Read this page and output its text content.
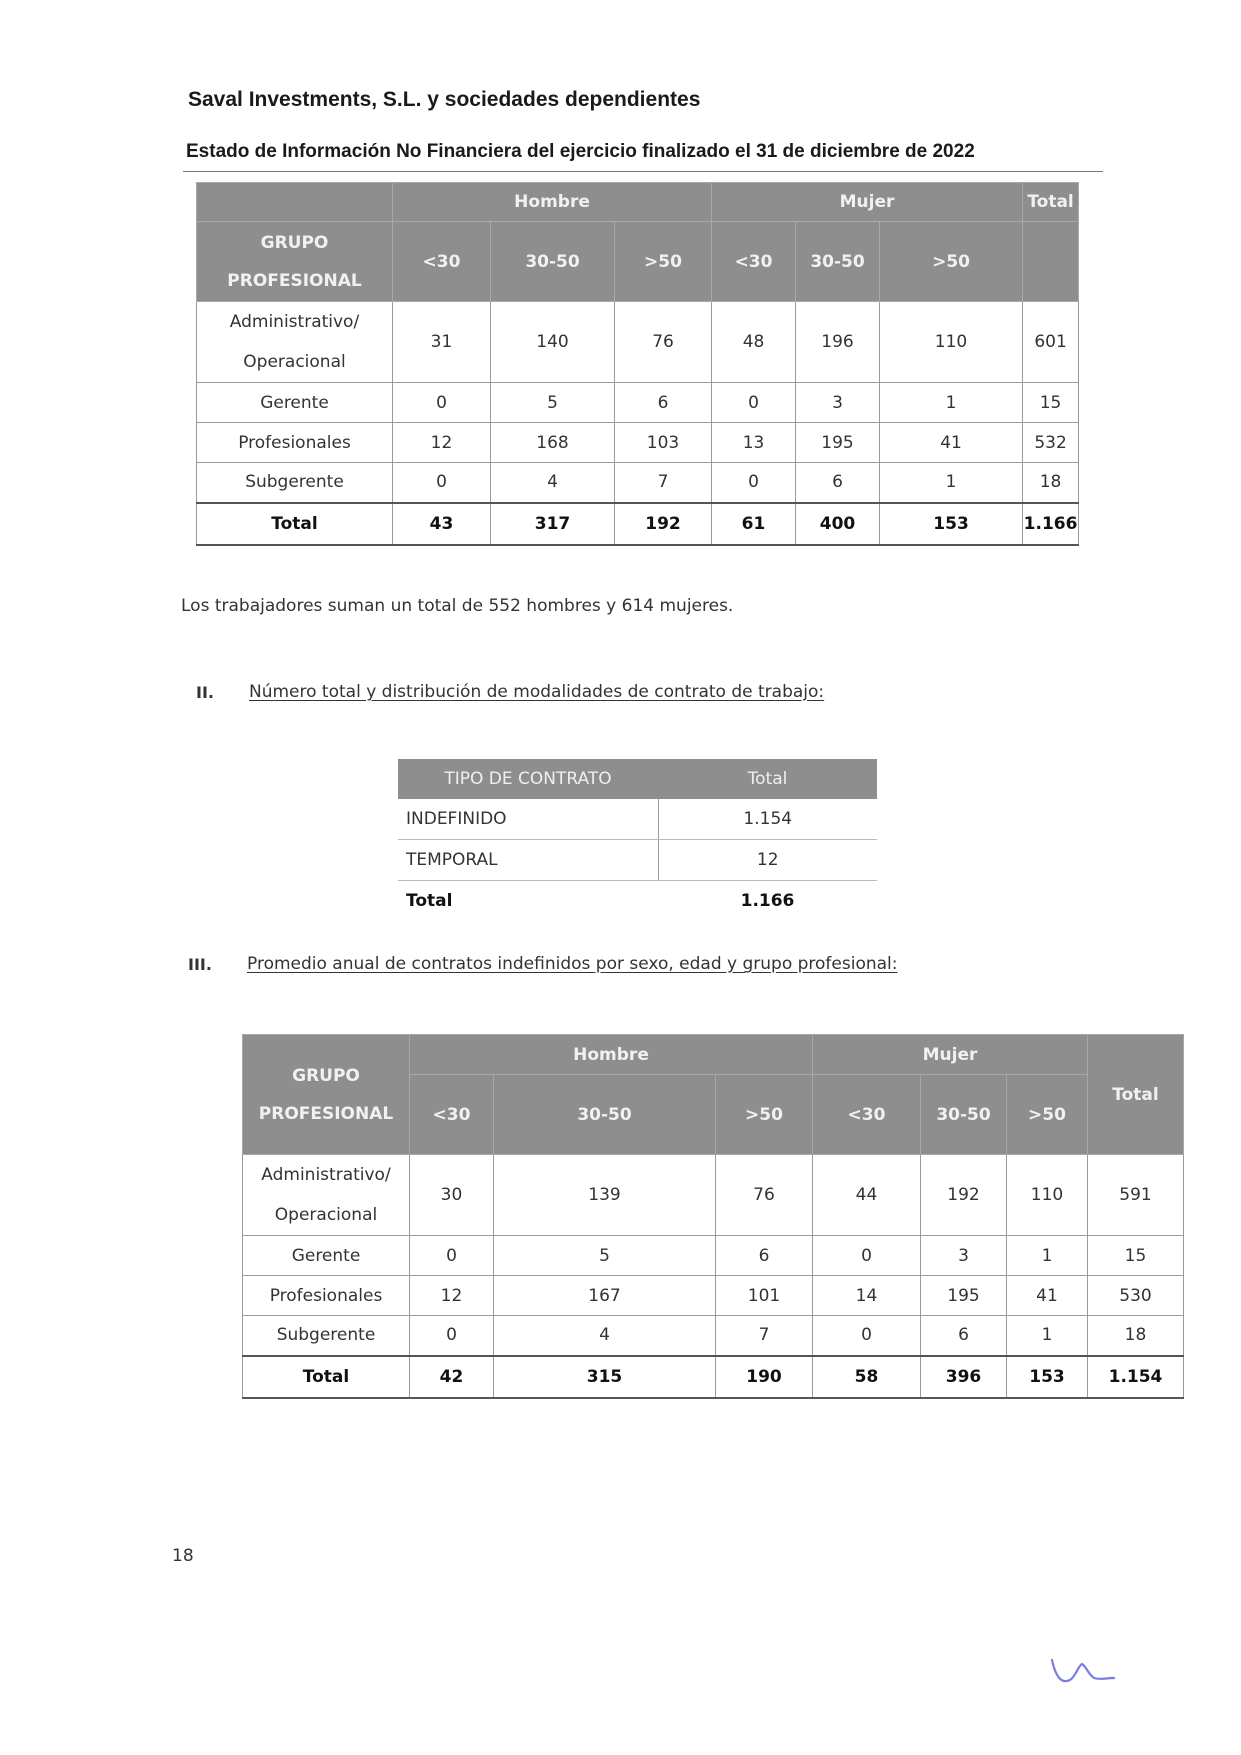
Saval Investments, S.L. y sociedades dependientes
Estado de Información No Financiera del ejercicio finalizado el 31 de diciembre de 2022
	Hombre			Mujer			Total
GRUPO PROFESIONAL	<30	30-50	>50	<30	30-50	>50	
Administrativo/ Operacional	31	140	76	48	196	110	601
Gerente	0	5	6	0	3	1	15
Profesionales	12	168	103	13	195	41	532
Subgerente	0	4	7	0	6	1	18
Total	43	317	192	61	400	153	1.166
Los trabajadores suman un total de 552 hombres y 614 mujeres.
II. Número total y distribución de modalidades de contrato de trabajo:
TIPO DE CONTRATO	Total
INDEFINIDO	1.154
TEMPORAL	12
Total	1.166
III. Promedio anual de contratos indefinidos por sexo, edad y grupo profesional:
GRUPO PROFESIONAL	Hombre			Mujer			Total
	<30	30-50	>50	<30	30-50	>50	
Administrativo/ Operacional	30	139	76	44	192	110	591
Gerente	0	5	6	0	3	1	15
Profesionales	12	167	101	14	195	41	530
Subgerente	0	4	7	0	6	1	18
Total	42	315	190	58	396	153	1.154
18
